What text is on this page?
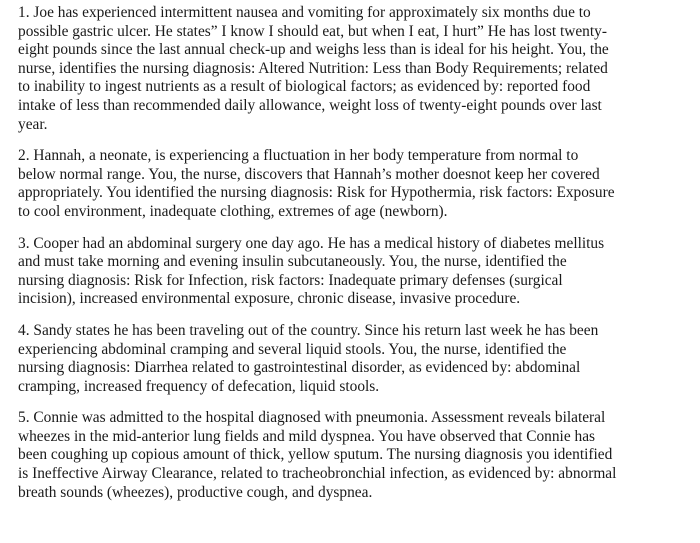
1. Joe has experienced intermittent nausea and vomiting for approximately six months due to
possible gastric ulcer. He states” I know I should eat, but when I eat, I hurt” He has lost twenty-
eight pounds since the last annual check-up and weighs less than is ideal for his height. You, the
nurse, identifies the nursing diagnosis: Altered Nutrition: Less than Body Requirements; related
to inability to ingest nutrients as a result of biological factors; as evidenced by: reported food
intake of less than recommended daily allowance, weight loss of twenty-eight pounds over last
year.

2. Hannah, a neonate, is experiencing a fluctuation in her body temperature from normal to
below normal range. You, the nurse, discovers that Hannah’s mother doesnot keep her covered
appropriately. You identified the nursing diagnosis: Risk for Hypothermia, risk factors: Exposure
to cool environment, inadequate clothing, extremes of age (newborn).

3. Cooper had an abdominal surgery one day ago. He has a medical history of diabetes mellitus
and must take morning and evening insulin subcutaneously. You, the nurse, identified the
nursing diagnosis: Risk for Infection, risk factors: Inadequate primary defenses (surgical
incision), increased environmental exposure, chronic disease, invasive procedure.

4. Sandy states he has been traveling out of the country. Since his return last week he has been
experiencing abdominal cramping and several liquid stools. You, the nurse, identified the
nursing diagnosis: Diarrhea related to gastrointestinal disorder, as evidenced by: abdominal
cramping, increased frequency of defecation, liquid stools.

5. Connie was admitted to the hospital diagnosed with pneumonia. Assessment reveals bilateral
wheezes in the mid-anterior lung fields and mild dyspnea. You have observed that Connie has
been coughing up copious amount of thick, yellow sputum. The nursing diagnosis you identified
is Ineffective Airway Clearance, related to tracheobronchial infection, as evidenced by: abnormal
breath sounds (wheezes), productive cough, and dyspnea.
